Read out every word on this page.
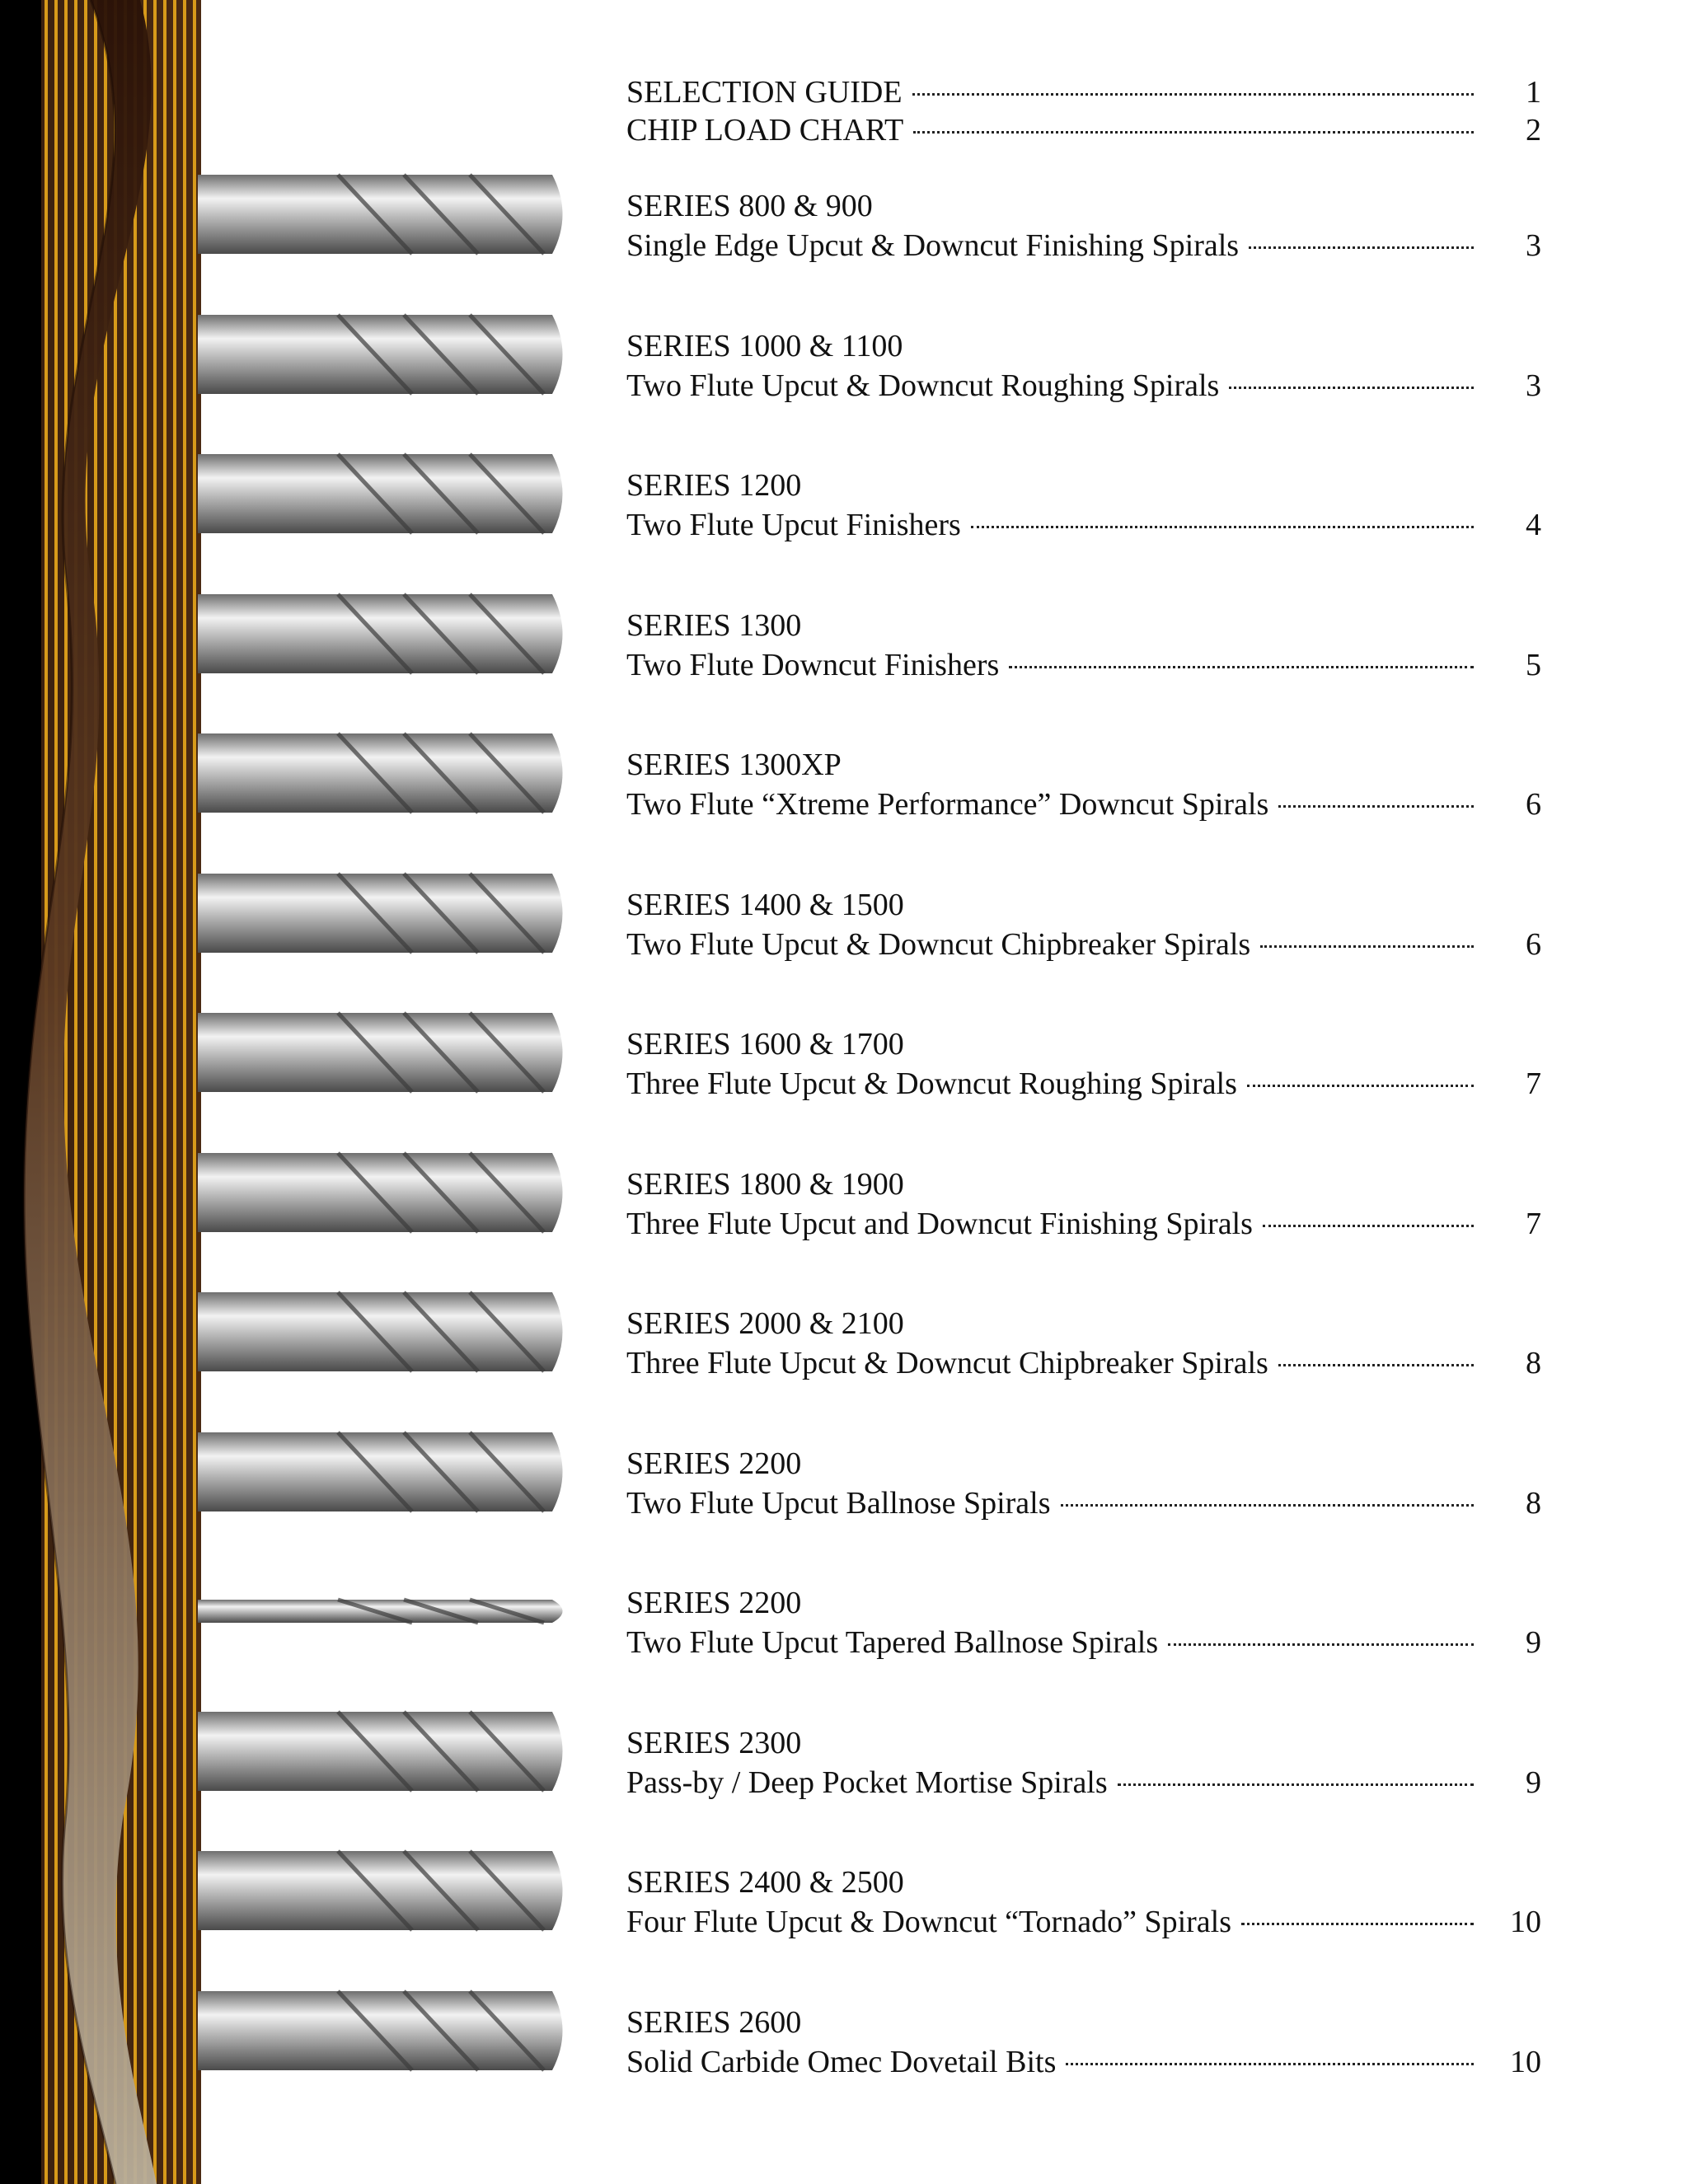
SELECTION GUIDE	1
CHIP LOAD CHART	2
SERIES 800 & 900
Single Edge Upcut & Downcut Finishing Spirals	3
SERIES 1000 & 1100
Two Flute Upcut & Downcut Roughing Spirals	3
SERIES 1200
Two Flute Upcut Finishers	4
SERIES 1300
Two Flute Downcut Finishers	5
SERIES 1300XP
Two Flute “Xtreme Performance” Downcut Spirals	6
SERIES 1400 & 1500
Two Flute Upcut & Downcut Chipbreaker Spirals	6
SERIES 1600 & 1700
Three Flute Upcut & Downcut Roughing Spirals	7
SERIES 1800 & 1900
Three Flute Upcut and Downcut Finishing Spirals	7
SERIES 2000 & 2100
Three Flute Upcut & Downcut Chipbreaker Spirals	8
SERIES 2200
Two Flute Upcut Ballnose Spirals	8
SERIES 2200
Two Flute Upcut Tapered Ballnose Spirals	9
SERIES 2300
Pass-by / Deep Pocket Mortise Spirals	9
SERIES 2400 & 2500
Four Flute Upcut & Downcut “Tornado” Spirals	10
SERIES 2600
Solid Carbide Omec Dovetail Bits	10
